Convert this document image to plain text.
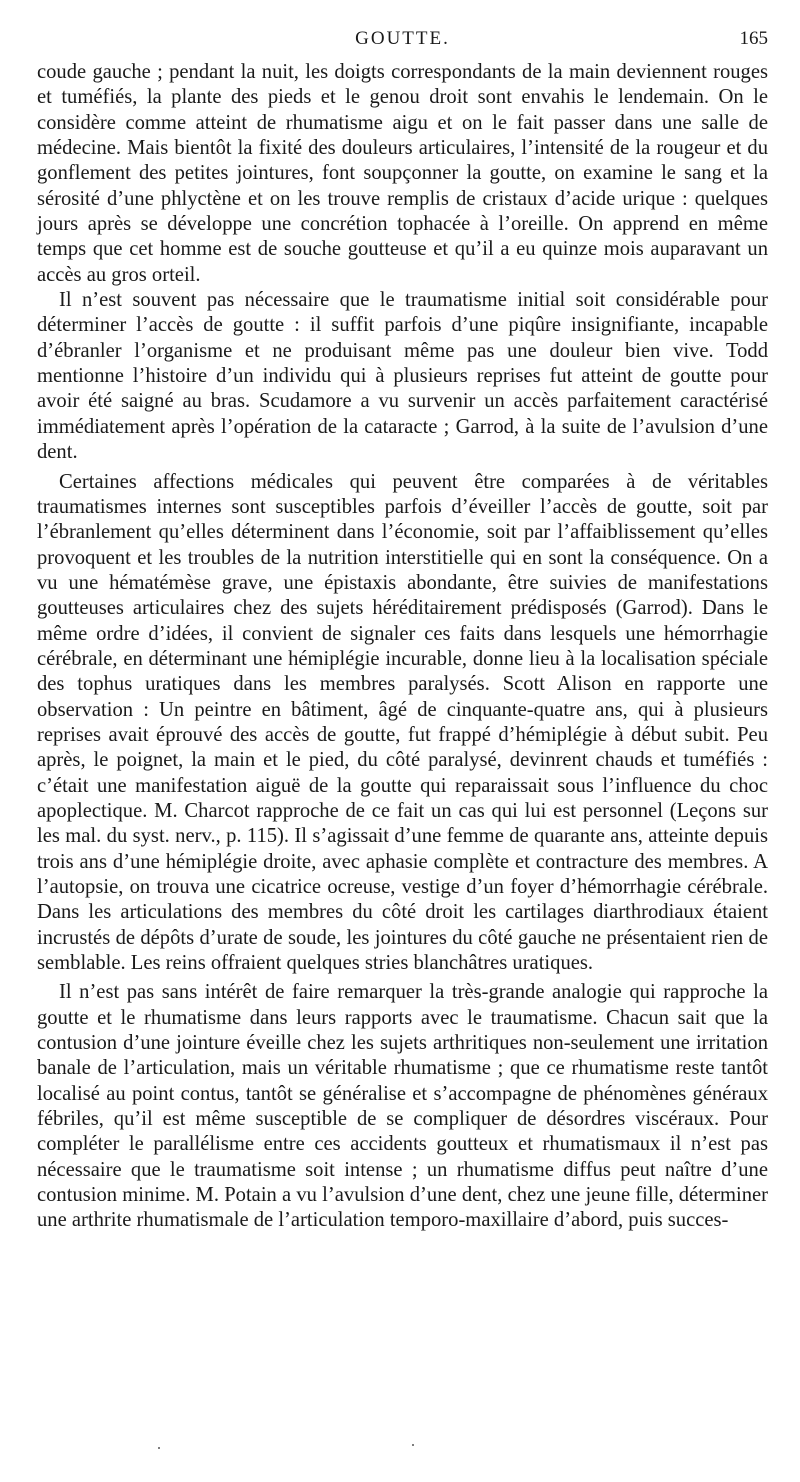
GOUTTE.	165

coude gauche ; pendant la nuit, les doigts correspondants de la main deviennent rouges et tuméfiés, la plante des pieds et le genou droit sont envahis le lendemain. On le considère comme atteint de rhumatisme aigu et on le fait passer dans une salle de médecine. Mais bientôt la fixité des douleurs articulaires, l’intensité de la rougeur et du gonflement des petites jointures, font soupçonner la goutte, on examine le sang et la sérosité d’une phlyctène et on les trouve remplis de cristaux d’acide urique : quelques jours après se développe une concrétion tophacée à l’oreille. On apprend en même temps que cet homme est de souche goutteuse et qu’il a eu quinze mois auparavant un accès au gros orteil.

Il n’est souvent pas nécessaire que le traumatisme initial soit considérable pour déterminer l’accès de goutte : il suffit parfois d’une piqûre insignifiante, incapable d’ébranler l’organisme et ne produisant même pas une douleur bien vive. Todd mentionne l’histoire d’un individu qui à plusieurs reprises fut atteint de goutte pour avoir été saigné au bras. Scudamore a vu survenir un accès parfaitement caractérisé immédiatement après l’opération de la cataracte ; Garrod, à la suite de l’avulsion d’une dent.

Certaines affections médicales qui peuvent être comparées à de véritables traumatismes internes sont susceptibles parfois d’éveiller l’accès de goutte, soit par l’ébranlement qu’elles déterminent dans l’économie, soit par l’affaiblissement qu’elles provoquent et les troubles de la nutrition interstitielle qui en sont la conséquence. On a vu une hématémèse grave, une épistaxis abondante, être suivies de manifestations goutteuses articulaires chez des sujets héréditairement prédisposés (Garrod). Dans le même ordre d’idées, il convient de signaler ces faits dans lesquels une hémorrhagie cérébrale, en déterminant une hémiplégie incurable, donne lieu à la localisation spéciale des tophus uratiques dans les membres paralysés. Scott Alison en rapporte une observation : Un peintre en bâtiment, âgé de cinquante-quatre ans, qui à plusieurs reprises avait éprouvé des accès de goutte, fut frappé d’hémiplégie à début subit. Peu après, le poignet, la main et le pied, du côté paralysé, devinrent chauds et tuméfiés : c’était une manifestation aiguë de la goutte qui reparaissait sous l’influence du choc apoplectique. M. Charcot rapproche de ce fait un cas qui lui est personnel (Leçons sur les mal. du syst. nerv., p. 115). Il s’agissait d’une femme de quarante ans, atteinte depuis trois ans d’une hémiplégie droite, avec aphasie complète et contracture des membres. A l’autopsie, on trouva une cicatrice ocreuse, vestige d’un foyer d’hémorrhagie cérébrale. Dans les articulations des membres du côté droit les cartilages diarthrodiaux étaient incrustés de dépôts d’urate de soude, les jointures du côté gauche ne présentaient rien de semblable. Les reins offraient quelques stries blanchâtres uratiques.

Il n’est pas sans intérêt de faire remarquer la très-grande analogie qui rapproche la goutte et le rhumatisme dans leurs rapports avec le traumatisme. Chacun sait que la contusion d’une jointure éveille chez les sujets arthritiques non-seulement une irritation banale de l’articulation, mais un véritable rhumatisme ; que ce rhumatisme reste tantôt localisé au point contus, tantôt se généralise et s’accompagne de phénomènes généraux fébriles, qu’il est même susceptible de se compliquer de désordres viscéraux. Pour compléter le parallélisme entre ces accidents goutteux et rhumatismaux il n’est pas nécessaire que le traumatisme soit intense ; un rhumatisme diffus peut naître d’une contusion minime. M. Potain a vu l’avulsion d’une dent, chez une jeune fille, déterminer une arthrite rhumatismale de l’articulation temporo-maxillaire d’abord, puis succes-
